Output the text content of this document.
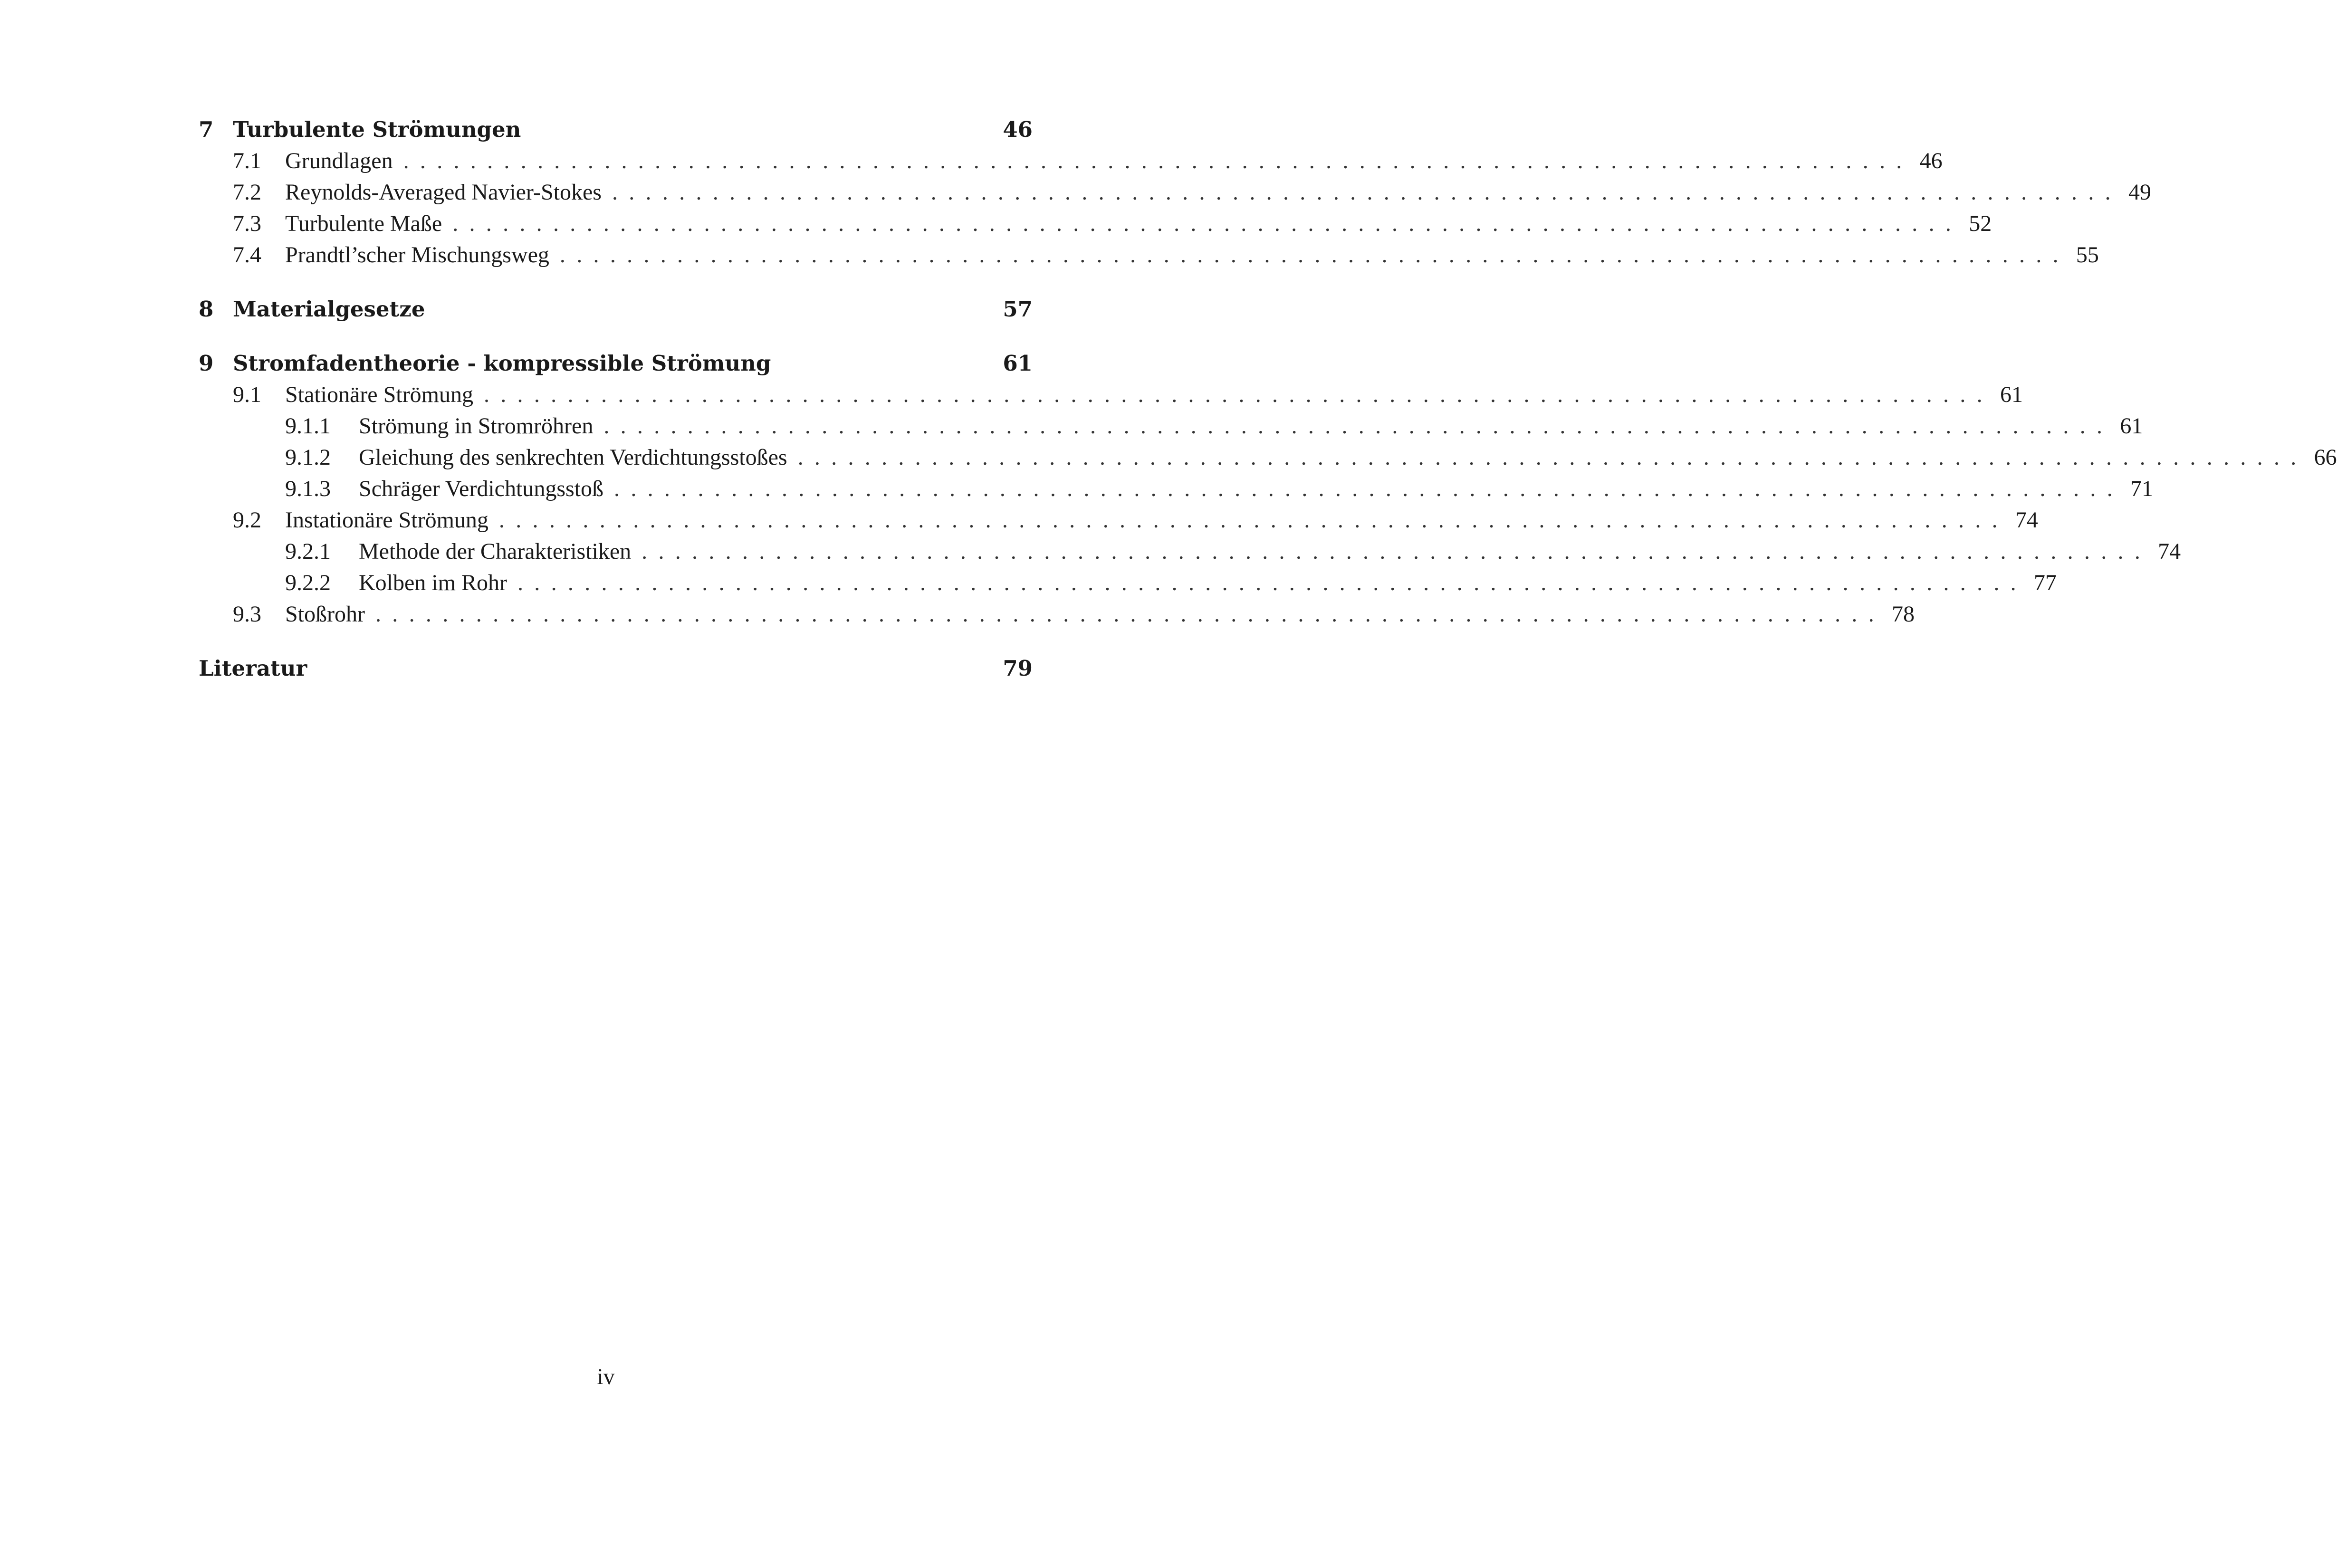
7 Turbulente Strömungen	46
7.1	Grundlagen .......................................................................................... 46
7.2	Reynolds-Averaged Navier-Stokes .......................................................................................... 49
7.3	Turbulente Maße .......................................................................................... 52
7.4	Prandtl’scher Mischungsweg .......................................................................................... 55
8 Materialgesetze	57
9 Stromfadentheorie - kompressible Strömung	61
9.1	Stationäre Strömung .......................................................................................... 61
9.1.1	Strömung in Stromröhren .......................................................................................... 61
9.1.2	Gleichung des senkrechten Verdichtungsstoßes .......................................................................................... 66
9.1.3	Schräger Verdichtungsstoß .......................................................................................... 71
9.2	Instationäre Strömung .......................................................................................... 74
9.2.1	Methode der Charakteristiken .......................................................................................... 74
9.2.2	Kolben im Rohr .......................................................................................... 77
9.3	Stoßrohr .......................................................................................... 78
Literatur	79
iv
